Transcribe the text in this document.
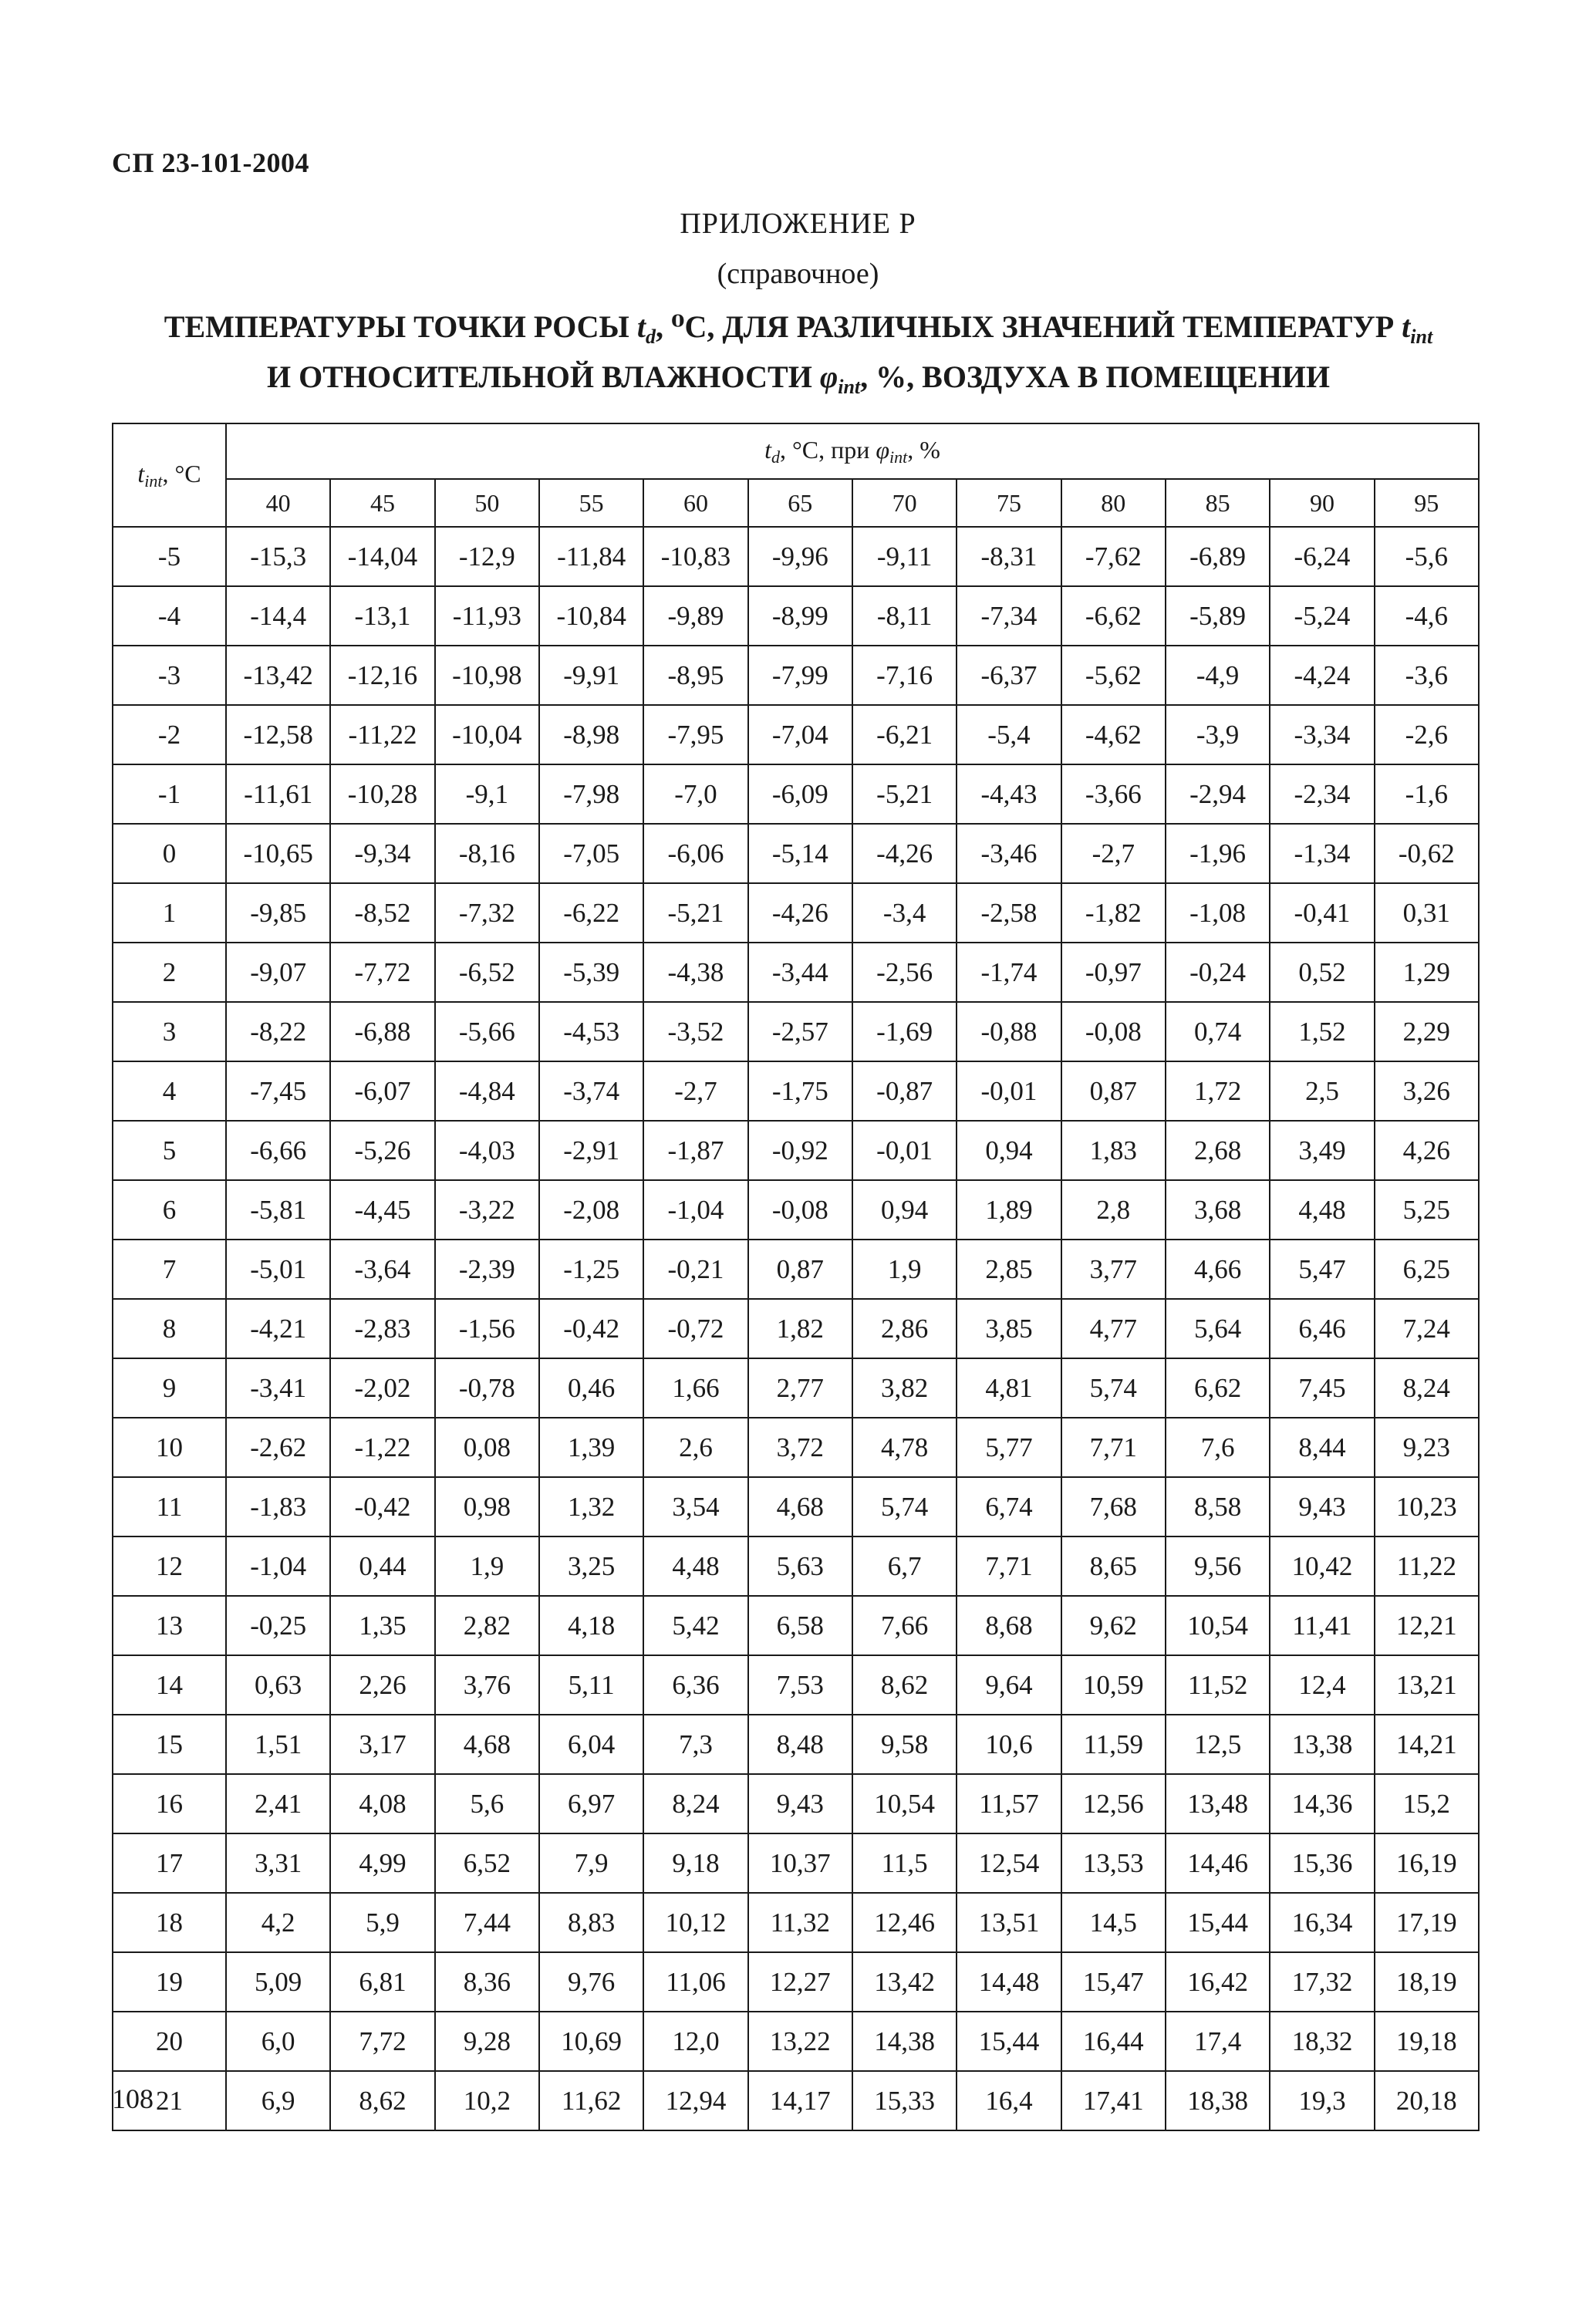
СП 23-101-2004
ПРИЛОЖЕНИЕ Р
(справочное)
ТЕМПЕРАТУРЫ ТОЧКИ РОСЫ $t_d$, ⁰С, ДЛЯ РАЗЛИЧНЫХ ЗНАЧЕНИЙ ТЕМПЕРАТУР $t_{int}$
И ОТНОСИТЕЛЬНОЙ ВЛАЖНОСТИ $\varphi_{int}$, %, ВОЗДУХА В ПОМЕЩЕНИИ
tint, °С	td, °С, при φint, %											
	40	45	50	55	60	65	70	75	80	85	90	95
-5	-15,3	-14,04	-12,9	-11,84	-10,83	-9,96	-9,11	-8,31	-7,62	-6,89	-6,24	-5,6
-4	-14,4	-13,1	-11,93	-10,84	-9,89	-8,99	-8,11	-7,34	-6,62	-5,89	-5,24	-4,6
-3	-13,42	-12,16	-10,98	-9,91	-8,95	-7,99	-7,16	-6,37	-5,62	-4,9	-4,24	-3,6
-2	-12,58	-11,22	-10,04	-8,98	-7,95	-7,04	-6,21	-5,4	-4,62	-3,9	-3,34	-2,6
-1	-11,61	-10,28	-9,1	-7,98	-7,0	-6,09	-5,21	-4,43	-3,66	-2,94	-2,34	-1,6
0	-10,65	-9,34	-8,16	-7,05	-6,06	-5,14	-4,26	-3,46	-2,7	-1,96	-1,34	-0,62
1	-9,85	-8,52	-7,32	-6,22	-5,21	-4,26	-3,4	-2,58	-1,82	-1,08	-0,41	0,31
2	-9,07	-7,72	-6,52	-5,39	-4,38	-3,44	-2,56	-1,74	-0,97	-0,24	0,52	1,29
3	-8,22	-6,88	-5,66	-4,53	-3,52	-2,57	-1,69	-0,88	-0,08	0,74	1,52	2,29
4	-7,45	-6,07	-4,84	-3,74	-2,7	-1,75	-0,87	-0,01	0,87	1,72	2,5	3,26
5	-6,66	-5,26	-4,03	-2,91	-1,87	-0,92	-0,01	0,94	1,83	2,68	3,49	4,26
6	-5,81	-4,45	-3,22	-2,08	-1,04	-0,08	0,94	1,89	2,8	3,68	4,48	5,25
7	-5,01	-3,64	-2,39	-1,25	-0,21	0,87	1,9	2,85	3,77	4,66	5,47	6,25
8	-4,21	-2,83	-1,56	-0,42	-0,72	1,82	2,86	3,85	4,77	5,64	6,46	7,24
9	-3,41	-2,02	-0,78	0,46	1,66	2,77	3,82	4,81	5,74	6,62	7,45	8,24
10	-2,62	-1,22	0,08	1,39	2,6	3,72	4,78	5,77	7,71	7,6	8,44	9,23
11	-1,83	-0,42	0,98	1,32	3,54	4,68	5,74	6,74	7,68	8,58	9,43	10,23
12	-1,04	0,44	1,9	3,25	4,48	5,63	6,7	7,71	8,65	9,56	10,42	11,22
13	-0,25	1,35	2,82	4,18	5,42	6,58	7,66	8,68	9,62	10,54	11,41	12,21
14	0,63	2,26	3,76	5,11	6,36	7,53	8,62	9,64	10,59	11,52	12,4	13,21
15	1,51	3,17	4,68	6,04	7,3	8,48	9,58	10,6	11,59	12,5	13,38	14,21
16	2,41	4,08	5,6	6,97	8,24	9,43	10,54	11,57	12,56	13,48	14,36	15,2
17	3,31	4,99	6,52	7,9	9,18	10,37	11,5	12,54	13,53	14,46	15,36	16,19
18	4,2	5,9	7,44	8,83	10,12	11,32	12,46	13,51	14,5	15,44	16,34	17,19
19	5,09	6,81	8,36	9,76	11,06	12,27	13,42	14,48	15,47	16,42	17,32	18,19
20	6,0	7,72	9,28	10,69	12,0	13,22	14,38	15,44	16,44	17,4	18,32	19,18
21	6,9	8,62	10,2	11,62	12,94	14,17	15,33	16,4	17,41	18,38	19,3	20,18
108
